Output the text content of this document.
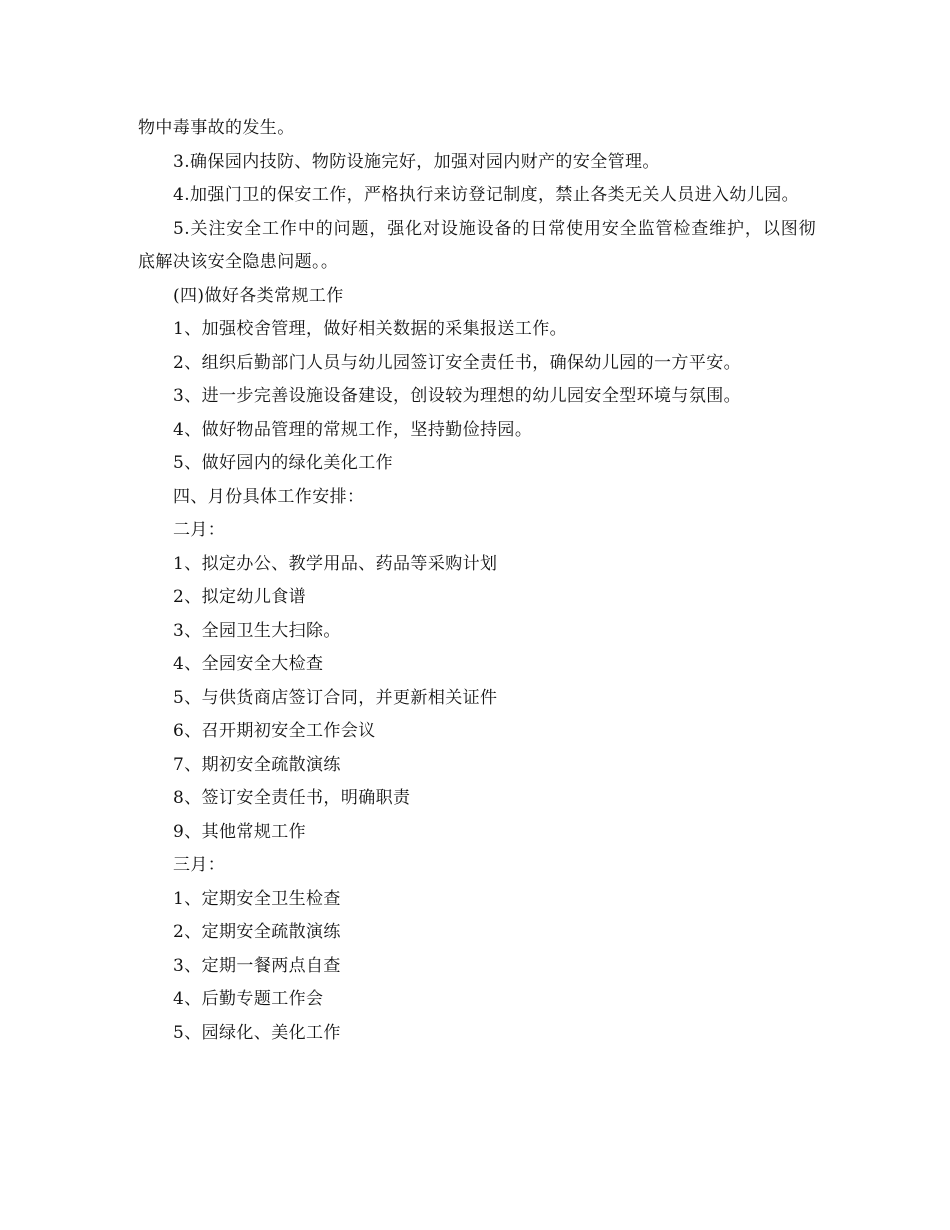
物中毒事故的发生。

3.确保园内技防、物防设施完好，加强对园内财产的安全管理。

4.加强门卫的保安工作，严格执行来访登记制度，禁止各类无关人员进入幼儿园。

5.关注安全工作中的问题，强化对设施设备的日常使用安全监管检查维护，以图彻底解决该安全隐患问题。。

(四)做好各类常规工作

1、加强校舍管理，做好相关数据的采集报送工作。

2、组织后勤部门人员与幼儿园签订安全责任书，确保幼儿园的一方平安。

3、进一步完善设施设备建设，创设较为理想的幼儿园安全型环境与氛围。

4、做好物品管理的常规工作，坚持勤俭持园。

5、做好园内的绿化美化工作

四、月份具体工作安排：

二月：

1、拟定办公、教学用品、药品等采购计划

2、拟定幼儿食谱

3、全园卫生大扫除。

4、全园安全大检查

5、与供货商店签订合同，并更新相关证件

6、召开期初安全工作会议

7、期初安全疏散演练

8、签订安全责任书，明确职责

9、其他常规工作

三月：

1、定期安全卫生检查

2、定期安全疏散演练

3、定期一餐两点自查

4、后勤专题工作会

5、园绿化、美化工作
